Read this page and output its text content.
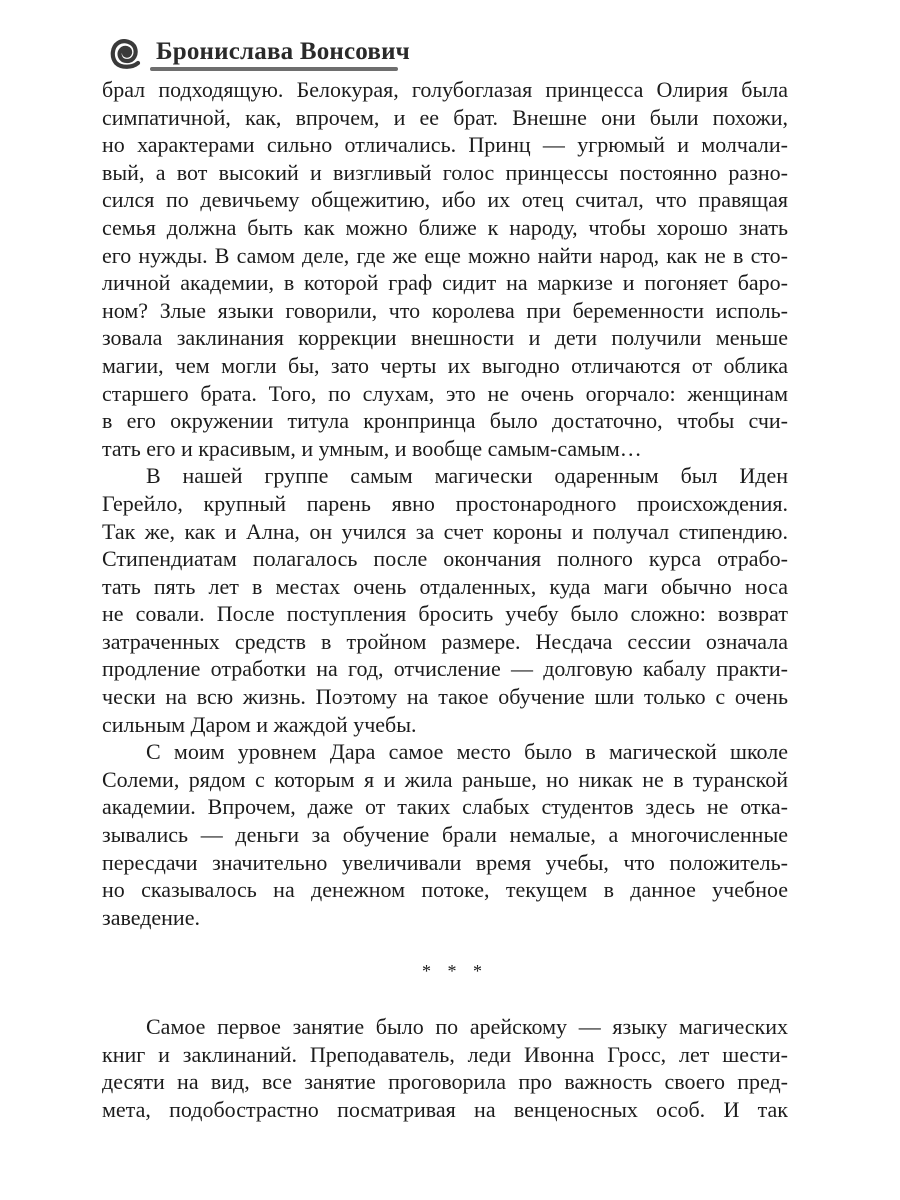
Брониславa Вонсович
брал подходящую. Белокурая, голубоглазая принцесса Олирия была
симпатичной, как, впрочем, и ее брат. Внешне они были похожи,
но характерами сильно отличались. Принц — угрюмый и молчали-
вый, а вот высокий и визгливый голос принцессы постоянно разно-
сился по девичьему общежитию, ибо их отец считал, что правящая
семья должна быть как можно ближе к народу, чтобы хорошо знать
его нужды. В самом деле, где же еще можно найти народ, как не в сто-
личной академии, в которой граф сидит на маркизе и погоняет баро-
ном? Злые языки говорили, что королева при беременности исполь-
зовала заклинания коррекции внешности и дети получили меньше
магии, чем могли бы, зато черты их выгодно отличаются от облика
старшего брата. Того, по слухам, это не очень огорчало: женщинам
в его окружении титула кронпринца было достаточно, чтобы счи-
тать его и красивым, и умным, и вообще самым-самым…
В нашей группе самым магически одаренным был Иден
Герейло, крупный парень явно простонародного происхождения.
Так же, как и Ална, он учился за счет короны и получал стипендию.
Стипендиатам полагалось после окончания полного курса отрабо-
тать пять лет в местах очень отдаленных, куда маги обычно носа
не совали. После поступления бросить учебу было сложно: возврат
затраченных средств в тройном размере. Несдача сессии означала
продление отработки на год, отчисление — долговую кабалу практи-
чески на всю жизнь. Поэтому на такое обучение шли только с очень
сильным Даром и жаждой учебы.
С моим уровнем Дара самое место было в магической школе
Солеми, рядом с которым я и жила раньше, но никак не в туранской
академии. Впрочем, даже от таких слабых студентов здесь не отка-
зывались — деньги за обучение брали немалые, а многочисленные
пересдачи значительно увеличивали время учебы, что положитель-
но сказывалось на денежном потоке, текущем в данное учебное
заведение.
* * *
Самое первое занятие было по арейскому — языку магических
книг и заклинаний. Преподаватель, леди Ивонна Гросс, лет шести-
десяти на вид, все занятие проговорила про важность своего пред-
мета, подобострастно посматривая на венценосных особ. И так
